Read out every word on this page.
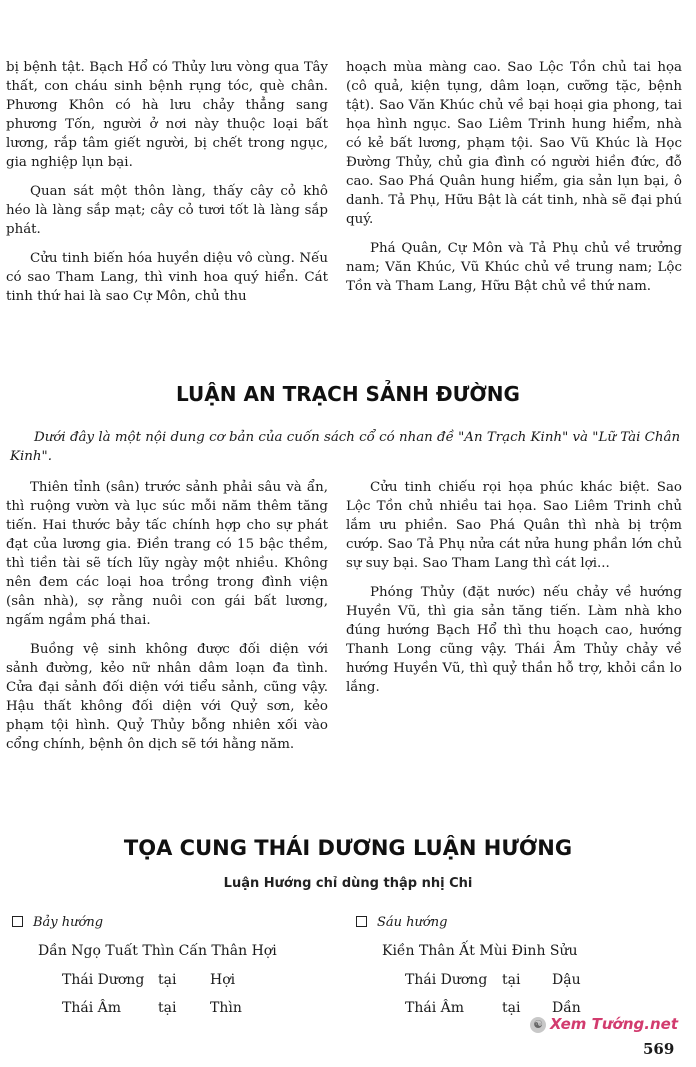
bị bệnh tật. Bạch Hổ có Thủy lưu vòng qua Tây thất, con cháu sinh bệnh rụng tóc, què chân. Phương Khôn có hà lưu chảy thẳng sang phương Tốn, người ở nơi này thuộc loại bất lương, rắp tâm giết người, bị chết trong ngục, gia nghiệp lụn bại.

Quan sát một thôn làng, thấy cây cỏ khô héo là làng sắp mạt; cây cỏ tươi tốt là làng sắp phát.

Cửu tinh biến hóa huyền diệu vô cùng. Nếu có sao Tham Lang, thì vinh hoa quý hiển. Cát tinh thứ hai là sao Cự Môn, chủ thu

hoạch mùa màng cao. Sao Lộc Tồn chủ tai họa (cô quả, kiện tụng, dâm loạn, cưỡng tặc, bệnh tật). Sao Văn Khúc chủ về bại hoại gia phong, tai họa hình ngục. Sao Liêm Trinh hung hiểm, nhà có kẻ bất lương, phạm tội. Sao Vũ Khúc là Học Đường Thủy, chủ gia đình có người hiền đức, đỗ cao. Sao Phá Quân hung hiểm, gia sản lụn bại, ô danh. Tả Phụ, Hữu Bật là cát tinh, nhà sẽ đại phú quý.

Phá Quân, Cự Môn và Tả Phụ chủ về trưởng nam; Văn Khúc, Vũ Khúc chủ về trung nam; Lộc Tồn và Tham Lang, Hữu Bật chủ về thứ nam.

LUẬN AN TRẠCH SẢNH ĐƯỜNG
Dưới đây là một nội dung cơ bản của cuốn sách cổ có nhan đề "An Trạch Kinh" và "Lữ Tài Chân Kinh".

Thiên tỉnh (sân) trước sảnh phải sâu và ẩn, thì ruộng vườn và lục súc mỗi năm thêm tăng tiến. Hai thước bảy tấc chính hợp cho sự phát đạt của lương gia. Điền trang có 15 bậc thềm, thì tiền tài sẽ tích lũy ngày một nhiều. Không nên đem các loại hoa trồng trong đình viện (sân nhà), sợ rằng nuôi con gái bất lương, ngấm ngầm phá thai.

Buồng vệ sinh không được đối diện với sảnh đường, kẻo nữ nhân dâm loạn đa tình. Cửa đại sảnh đối diện với tiểu sảnh, cũng vậy. Hậu thất không đối diện với Quỷ sơn, kẻo phạm tội hình. Quỷ Thủy bỗng nhiên xối vào cổng chính, bệnh ôn dịch sẽ tới hằng năm.

Cửu tinh chiếu rọi họa phúc khác biệt. Sao Lộc Tồn chủ nhiều tai họa. Sao Liêm Trinh chủ lắm ưu phiền. Sao Phá Quân thì nhà bị trộm cướp. Sao Tả Phụ nửa cát nửa hung phần lớn chủ sự suy bại. Sao Tham Lang thì cát lợi...

Phóng Thủy (đặt nước) nếu chảy về hướng Huyền Vũ, thì gia sản tăng tiến. Làm nhà kho đúng hướng Bạch Hổ thì thu hoạch cao, hướng Thanh Long cũng vậy. Thái Âm Thủy chảy về hướng Huyền Vũ, thì quỷ thần hỗ trợ, khỏi cần lo lắng.

TỌA CUNG THÁI DƯƠNG LUẬN HƯỚNG
Luận Hướng chỉ dùng thập nhị Chi
Bảy hướng
Dần Ngọ Tuất Thìn Cấn Thân Hợi
Thái Dương tại Hợi
Thái Âm	tại Thìn
Sáu hướng
Kiền Thân Ất Mùi Đinh Sửu
Thái Dương tại Dậu
Thái Âm	tại Dần
☯ Xem Tướng.net
569
